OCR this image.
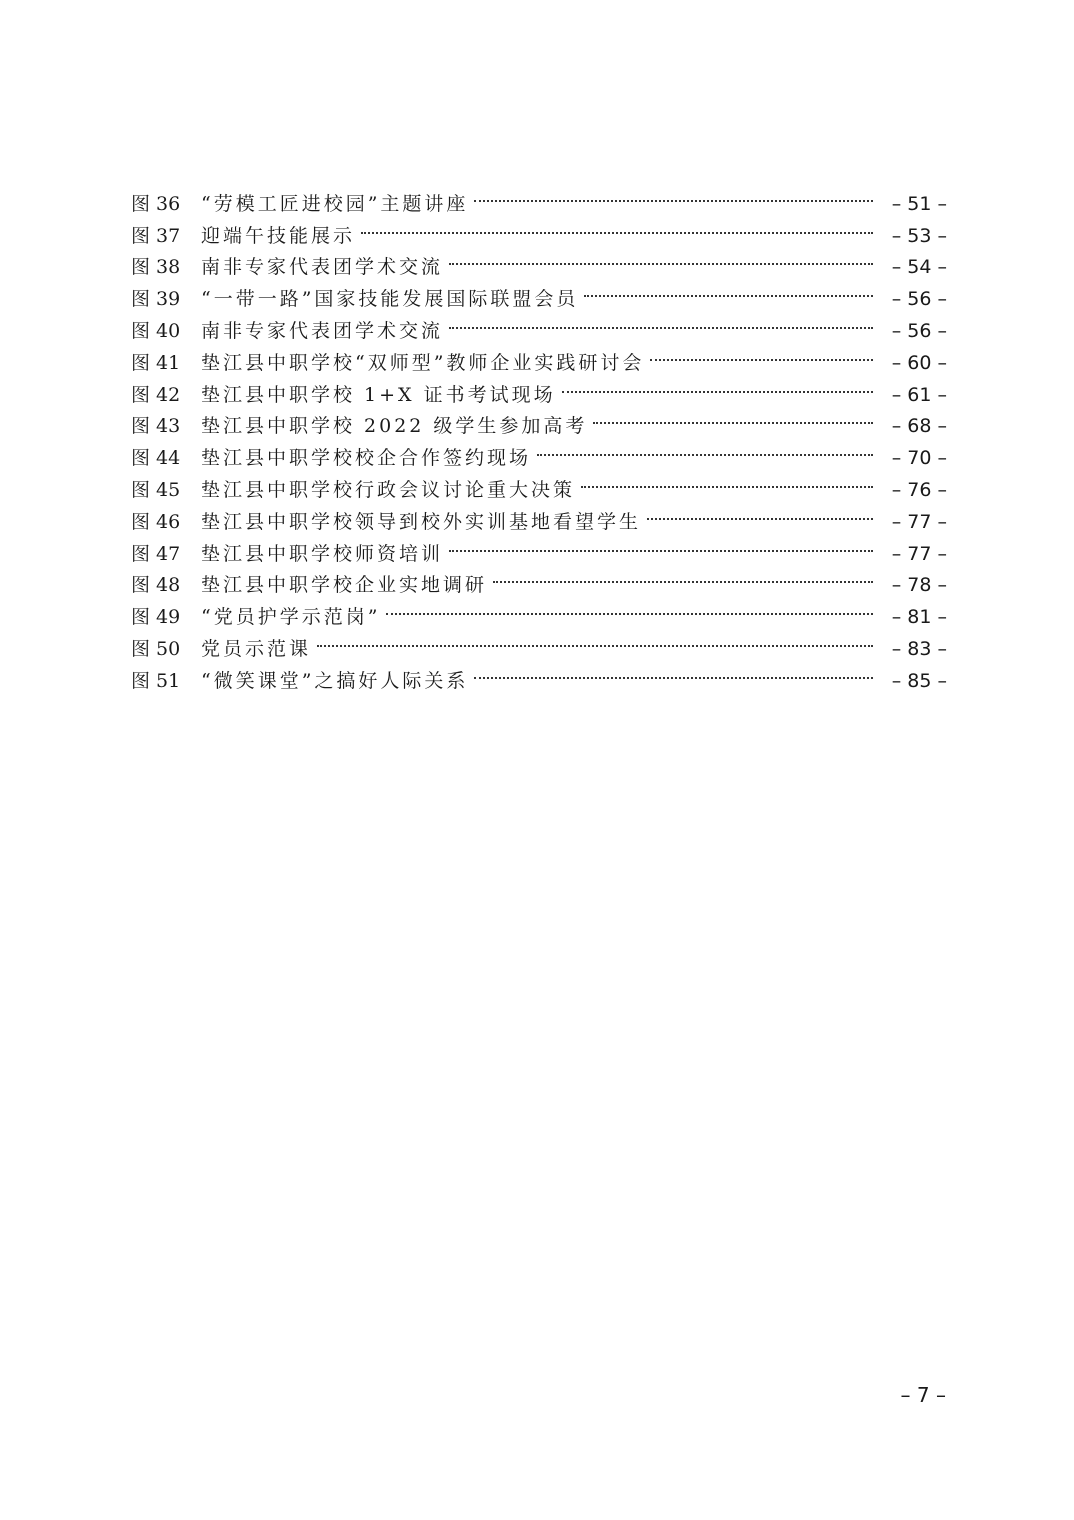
图 36	“劳模工匠进校园”主题讲座	– 51 –
图 37	迎端午技能展示	– 53 –
图 38	南非专家代表团学术交流	– 54 –
图 39	“一带一路”国家技能发展国际联盟会员	– 56 –
图 40	南非专家代表团学术交流	– 56 –
图 41	垫江县中职学校“双师型”教师企业实践研讨会	– 60 –
图 42	垫江县中职学校 1+X 证书考试现场	– 61 –
图 43	垫江县中职学校 2022 级学生参加高考	– 68 –
图 44	垫江县中职学校校企合作签约现场	– 70 –
图 45	垫江县中职学校行政会议讨论重大决策	– 76 –
图 46	垫江县中职学校领导到校外实训基地看望学生	– 77 –
图 47	垫江县中职学校师资培训	– 77 –
图 48	垫江县中职学校企业实地调研	– 78 –
图 49	“党员护学示范岗”	– 81 –
图 50	党员示范课	– 83 –
图 51	“微笑课堂”之搞好人际关系	– 85 –
– 7 –
